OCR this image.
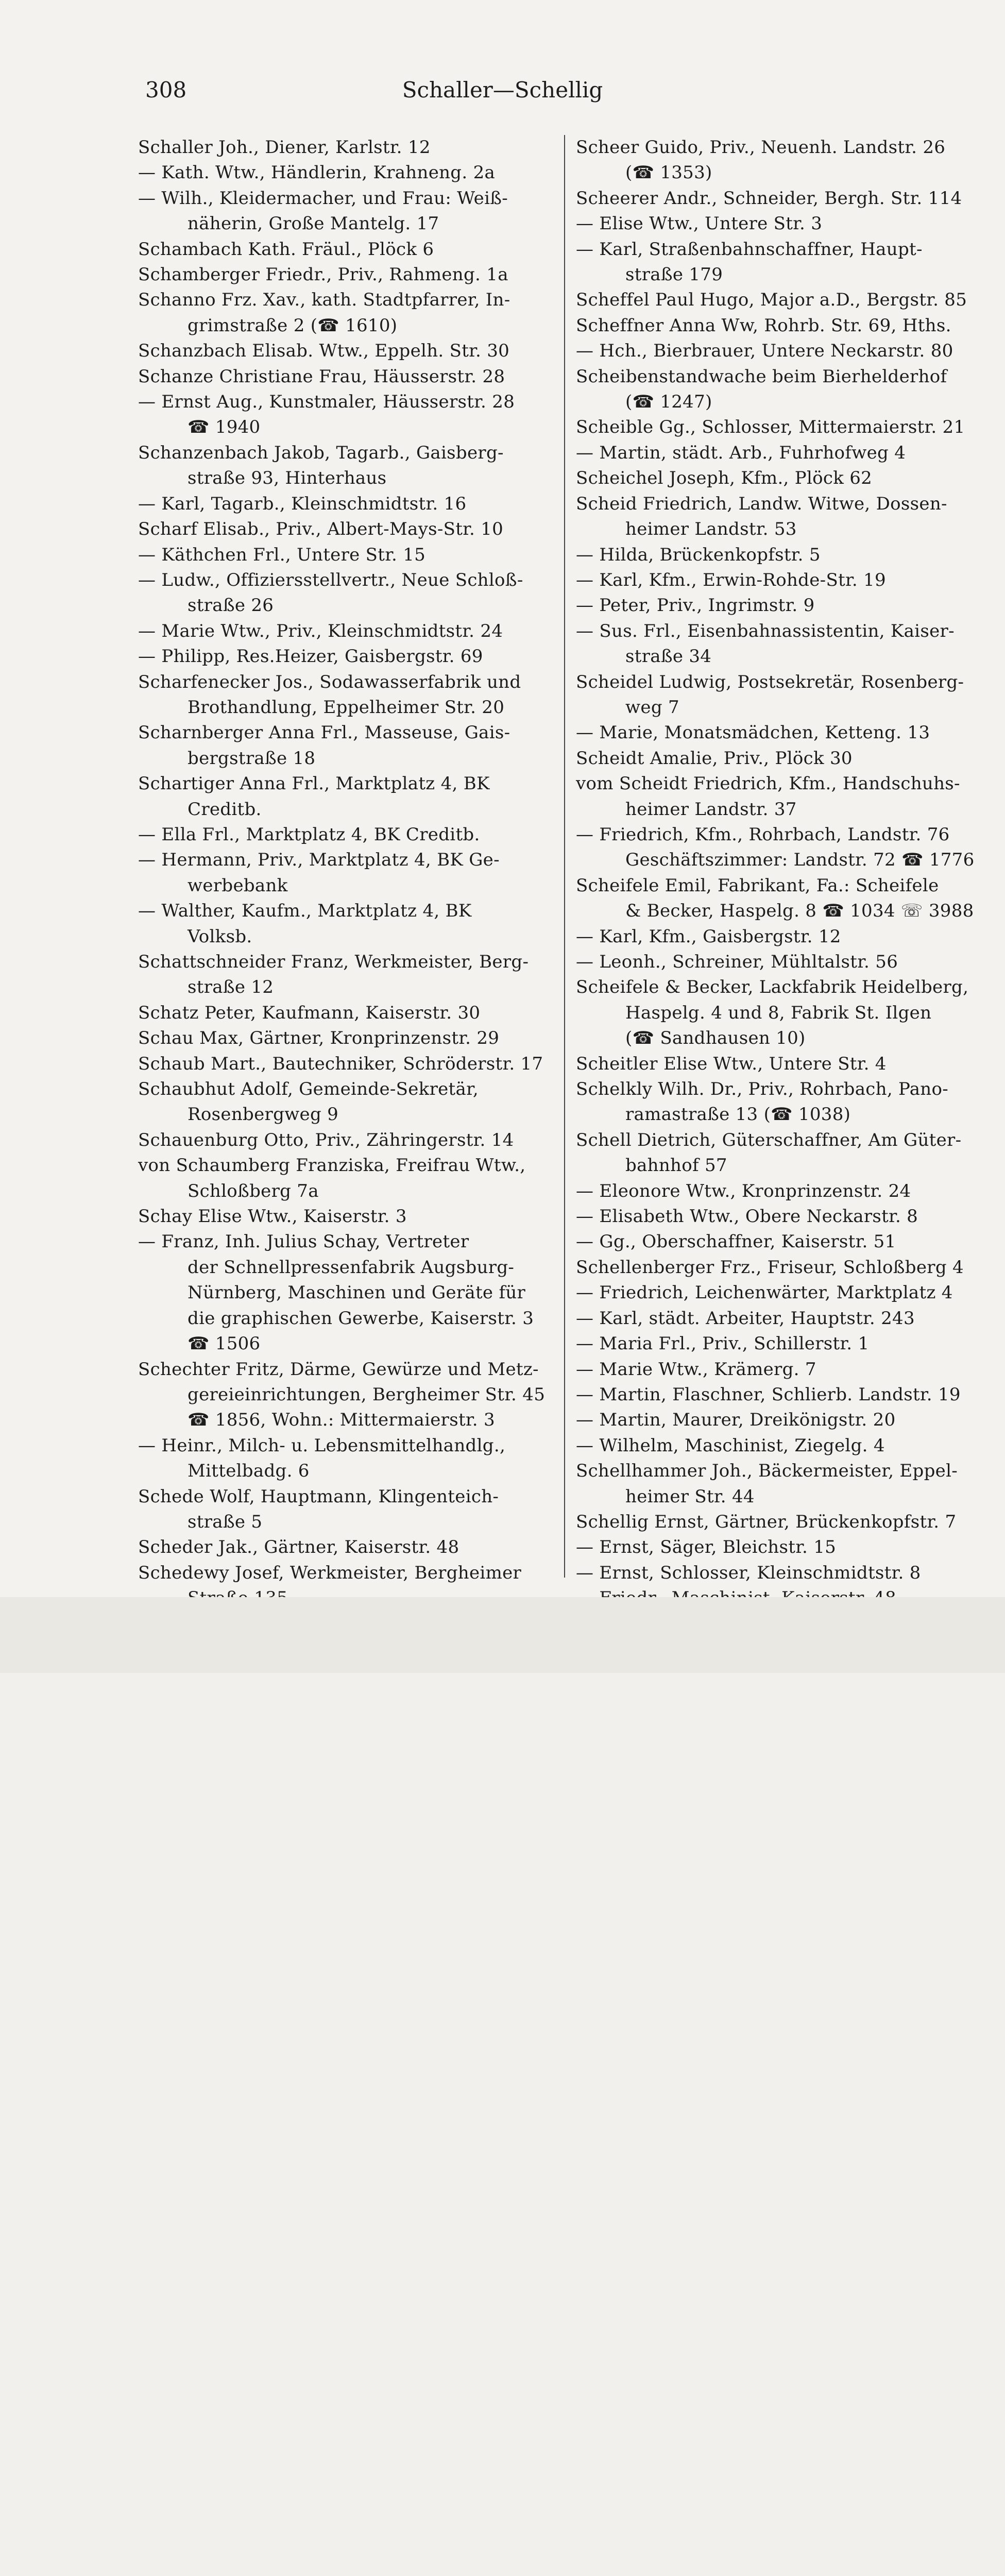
308	Schaller—Schellig
Schaller Joh., Diener, Karlstr. 12
— Kath. Wtw., Händlerin, Krahneng. 2a
— Wilh., Kleidermacher, und Frau: Weiß-
näherin, Große Mantelg. 17
Schambach Kath. Fräul., Plöck 6
Schamberger Friedr., Priv., Rahmeng. 1a
Schanno Frz. Xav., kath. Stadtpfarrer, In-
grimstraße 2 (☎ 1610)
Schanzbach Elisab. Wtw., Eppelh. Str. 30
Schanze Christiane Frau, Häusserstr. 28
— Ernst Aug., Kunstmaler, Häusserstr. 28
☎ 1940
Schanzenbach Jakob, Tagarb., Gaisberg-
straße 93, Hinterhaus
— Karl, Tagarb., Kleinschmidtstr. 16
Scharf Elisab., Priv., Albert-Mays-Str. 10
— Käthchen Frl., Untere Str. 15
— Ludw., Offiziersstellvertr., Neue Schloß-
straße 26
— Marie Wtw., Priv., Kleinschmidtstr. 24
— Philipp, Res.Heizer, Gaisbergstr. 69
Scharfenecker Jos., Sodawasserfabrik und
Brothandlung, Eppelheimer Str. 20
Scharnberger Anna Frl., Masseuse, Gais-
bergstraße 18
Schartiger Anna Frl., Marktplatz 4, BK
Creditb.
— Ella Frl., Marktplatz 4, BK Creditb.
— Hermann, Priv., Marktplatz 4, BK Ge-
werbebank
— Walther, Kaufm., Marktplatz 4, BK
Volksb.
Schattschneider Franz, Werkmeister, Berg-
straße 12
Schatz Peter, Kaufmann, Kaiserstr. 30
Schau Max, Gärtner, Kronprinzenstr. 29
Schaub Mart., Bautechniker, Schröderstr. 17
Schaubhut Adolf, Gemeinde-Sekretär,
Rosenbergweg 9
Schauenburg Otto, Priv., Zähringerstr. 14
von Schaumberg Franziska, Freifrau Wtw.,
Schloßberg 7a
Schay Elise Wtw., Kaiserstr. 3
— Franz, Inh. Julius Schay, Vertreter
der Schnellpressenfabrik Augsburg-
Nürnberg, Maschinen und Geräte für
die graphischen Gewerbe, Kaiserstr. 3
☎ 1506
Schechter Fritz, Därme, Gewürze und Metz-
gereieinrichtungen, Bergheimer Str. 45
☎ 1856, Wohn.: Mittermaierstr. 3
— Heinr., Milch- u. Lebensmittelhandlg.,
Mittelbadg. 6
Schede Wolf, Hauptmann, Klingenteich-
straße 5
Scheder Jak., Gärtner, Kaiserstr. 48
Schedewy Josef, Werkmeister, Bergheimer
Scheer Guido, Priv., Neuenh. Landstr. 26
(☎ 1353)
Scheerer Andr., Schneider, Bergh. Str. 114
— Elise Wtw., Untere Str. 3
— Karl, Straßenbahnschaffner, Haupt-
straße 179
Scheffel Paul Hugo, Major a.D., Bergstr. 85
Scheffner Anna Ww, Rohrb. Str. 69, Hths.
— Hch., Bierbrauer, Untere Neckarstr. 80
Scheibenstandwache beim Bierhelderhof
(☎ 1247)
Scheible Gg., Schlosser, Mittermaierstr. 21
— Martin, städt. Arb., Fuhrhofweg 4
Scheichel Joseph, Kfm., Plöck 62
Scheid Friedrich, Landw. Witwe, Dossen-
heimer Landstr. 53
— Hilda, Brückenkopfstr. 5
— Karl, Kfm., Erwin-Rohde-Str. 19
— Peter, Priv., Ingrimstr. 9
— Sus. Frl., Eisenbahnassistentin, Kaiser-
straße 34
Scheidel Ludwig, Postsekretär, Rosenberg-
weg 7
— Marie, Monatsmädchen, Ketteng. 13
Scheidt Amalie, Priv., Plöck 30
vom Scheidt Friedrich, Kfm., Handschuhs-
heimer Landstr. 37
— Friedrich, Kfm., Rohrbach, Landstr. 76
Geschäftszimmer: Landstr. 72 ☎ 1776
Scheifele Emil, Fabrikant, Fa.: Scheifele
& Becker, Haspelg. 8 ☎ 1034 ☏ 3988
— Karl, Kfm., Gaisbergstr. 12
— Leonh., Schreiner, Mühltalstr. 56
Scheifele & Becker, Lackfabrik Heidelberg,
Haspelg. 4 und 8, Fabrik St. Ilgen
(☎ Sandhausen 10)
Scheitler Elise Wtw., Untere Str. 4
Schelkly Wilh. Dr., Priv., Rohrbach, Pano-
ramastraße 13 (☎ 1038)
Schell Dietrich, Güterschaffner, Am Güter-
bahnhof 57
— Eleonore Wtw., Kronprinzenstr. 24
— Elisabeth Wtw., Obere Neckarstr. 8
— Gg., Oberschaffner, Kaiserstr. 51
Schellenberger Frz., Friseur, Schloßberg 4
— Friedrich, Leichenwärter, Marktplatz 4
— Karl, städt. Arbeiter, Hauptstr. 243
— Maria Frl., Priv., Schillerstr. 1
— Marie Wtw., Krämerg. 7
— Martin, Flaschner, Schlierb. Landstr. 19
— Martin, Maurer, Dreikönigstr. 20
— Wilhelm, Maschinist, Ziegelg. 4
Schellhammer Joh., Bäckermeister, Eppel-
heimer Str. 44
Schellig Ernst, Gärtner, Brückenkopfstr. 7
— Ernst, Säger, Bleichstr. 15
— Ernst, Schlosser, Kleinschmidtstr. 8
